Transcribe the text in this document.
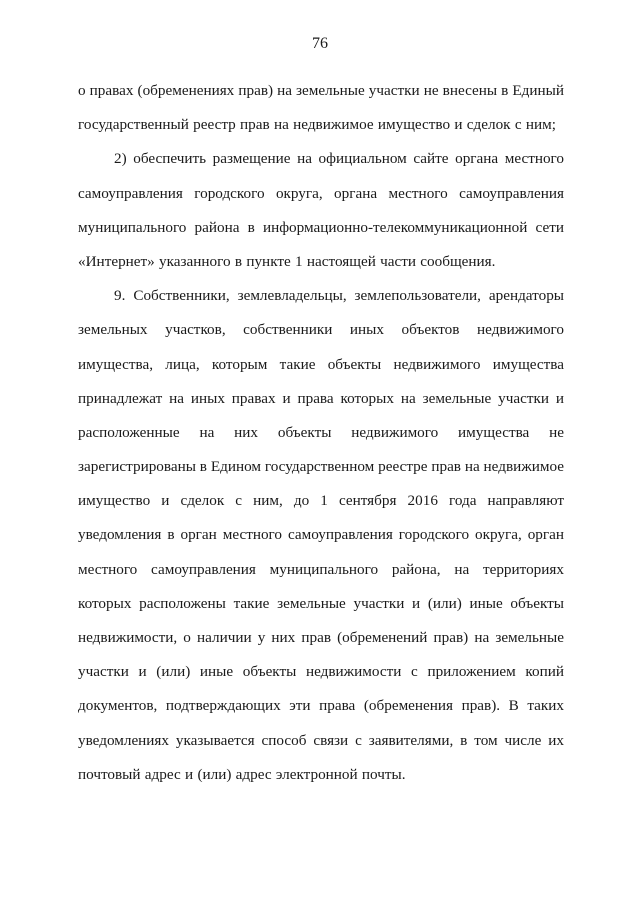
76

о правах (обременениях прав) на земельные участки не внесены в Единый
государственный реестр прав на недвижимое имущество и сделок с ним;

2) обеспечить размещение на официальном сайте органа местного
самоуправления городского округа, органа местного самоуправления
муниципального района в информационно-телекоммуникационной сети
«Интернет» указанного в пункте 1 настоящей части сообщения.

9. Собственники, землевладельцы, землепользователи, арендаторы
земельных участков, собственники иных объектов недвижимого
имущества, лица, которым такие объекты недвижимого имущества
принадлежат на иных правах и права которых на земельные участки и
расположенные на них объекты недвижимого имущества не
зарегистрированы в Едином государственном реестре прав на недвижимое
имущество и сделок с ним, до 1 сентября 2016 года направляют
уведомления в орган местного самоуправления городского округа, орган
местного самоуправления муниципального района, на территориях
которых расположены такие земельные участки и (или) иные объекты
недвижимости, о наличии у них прав (обременений прав) на земельные
участки и (или) иные объекты недвижимости с приложением копий
документов, подтверждающих эти права (обременения прав). В таких
уведомлениях указывается способ связи с заявителями, в том числе их
почтовый адрес и (или) адрес электронной почты.
